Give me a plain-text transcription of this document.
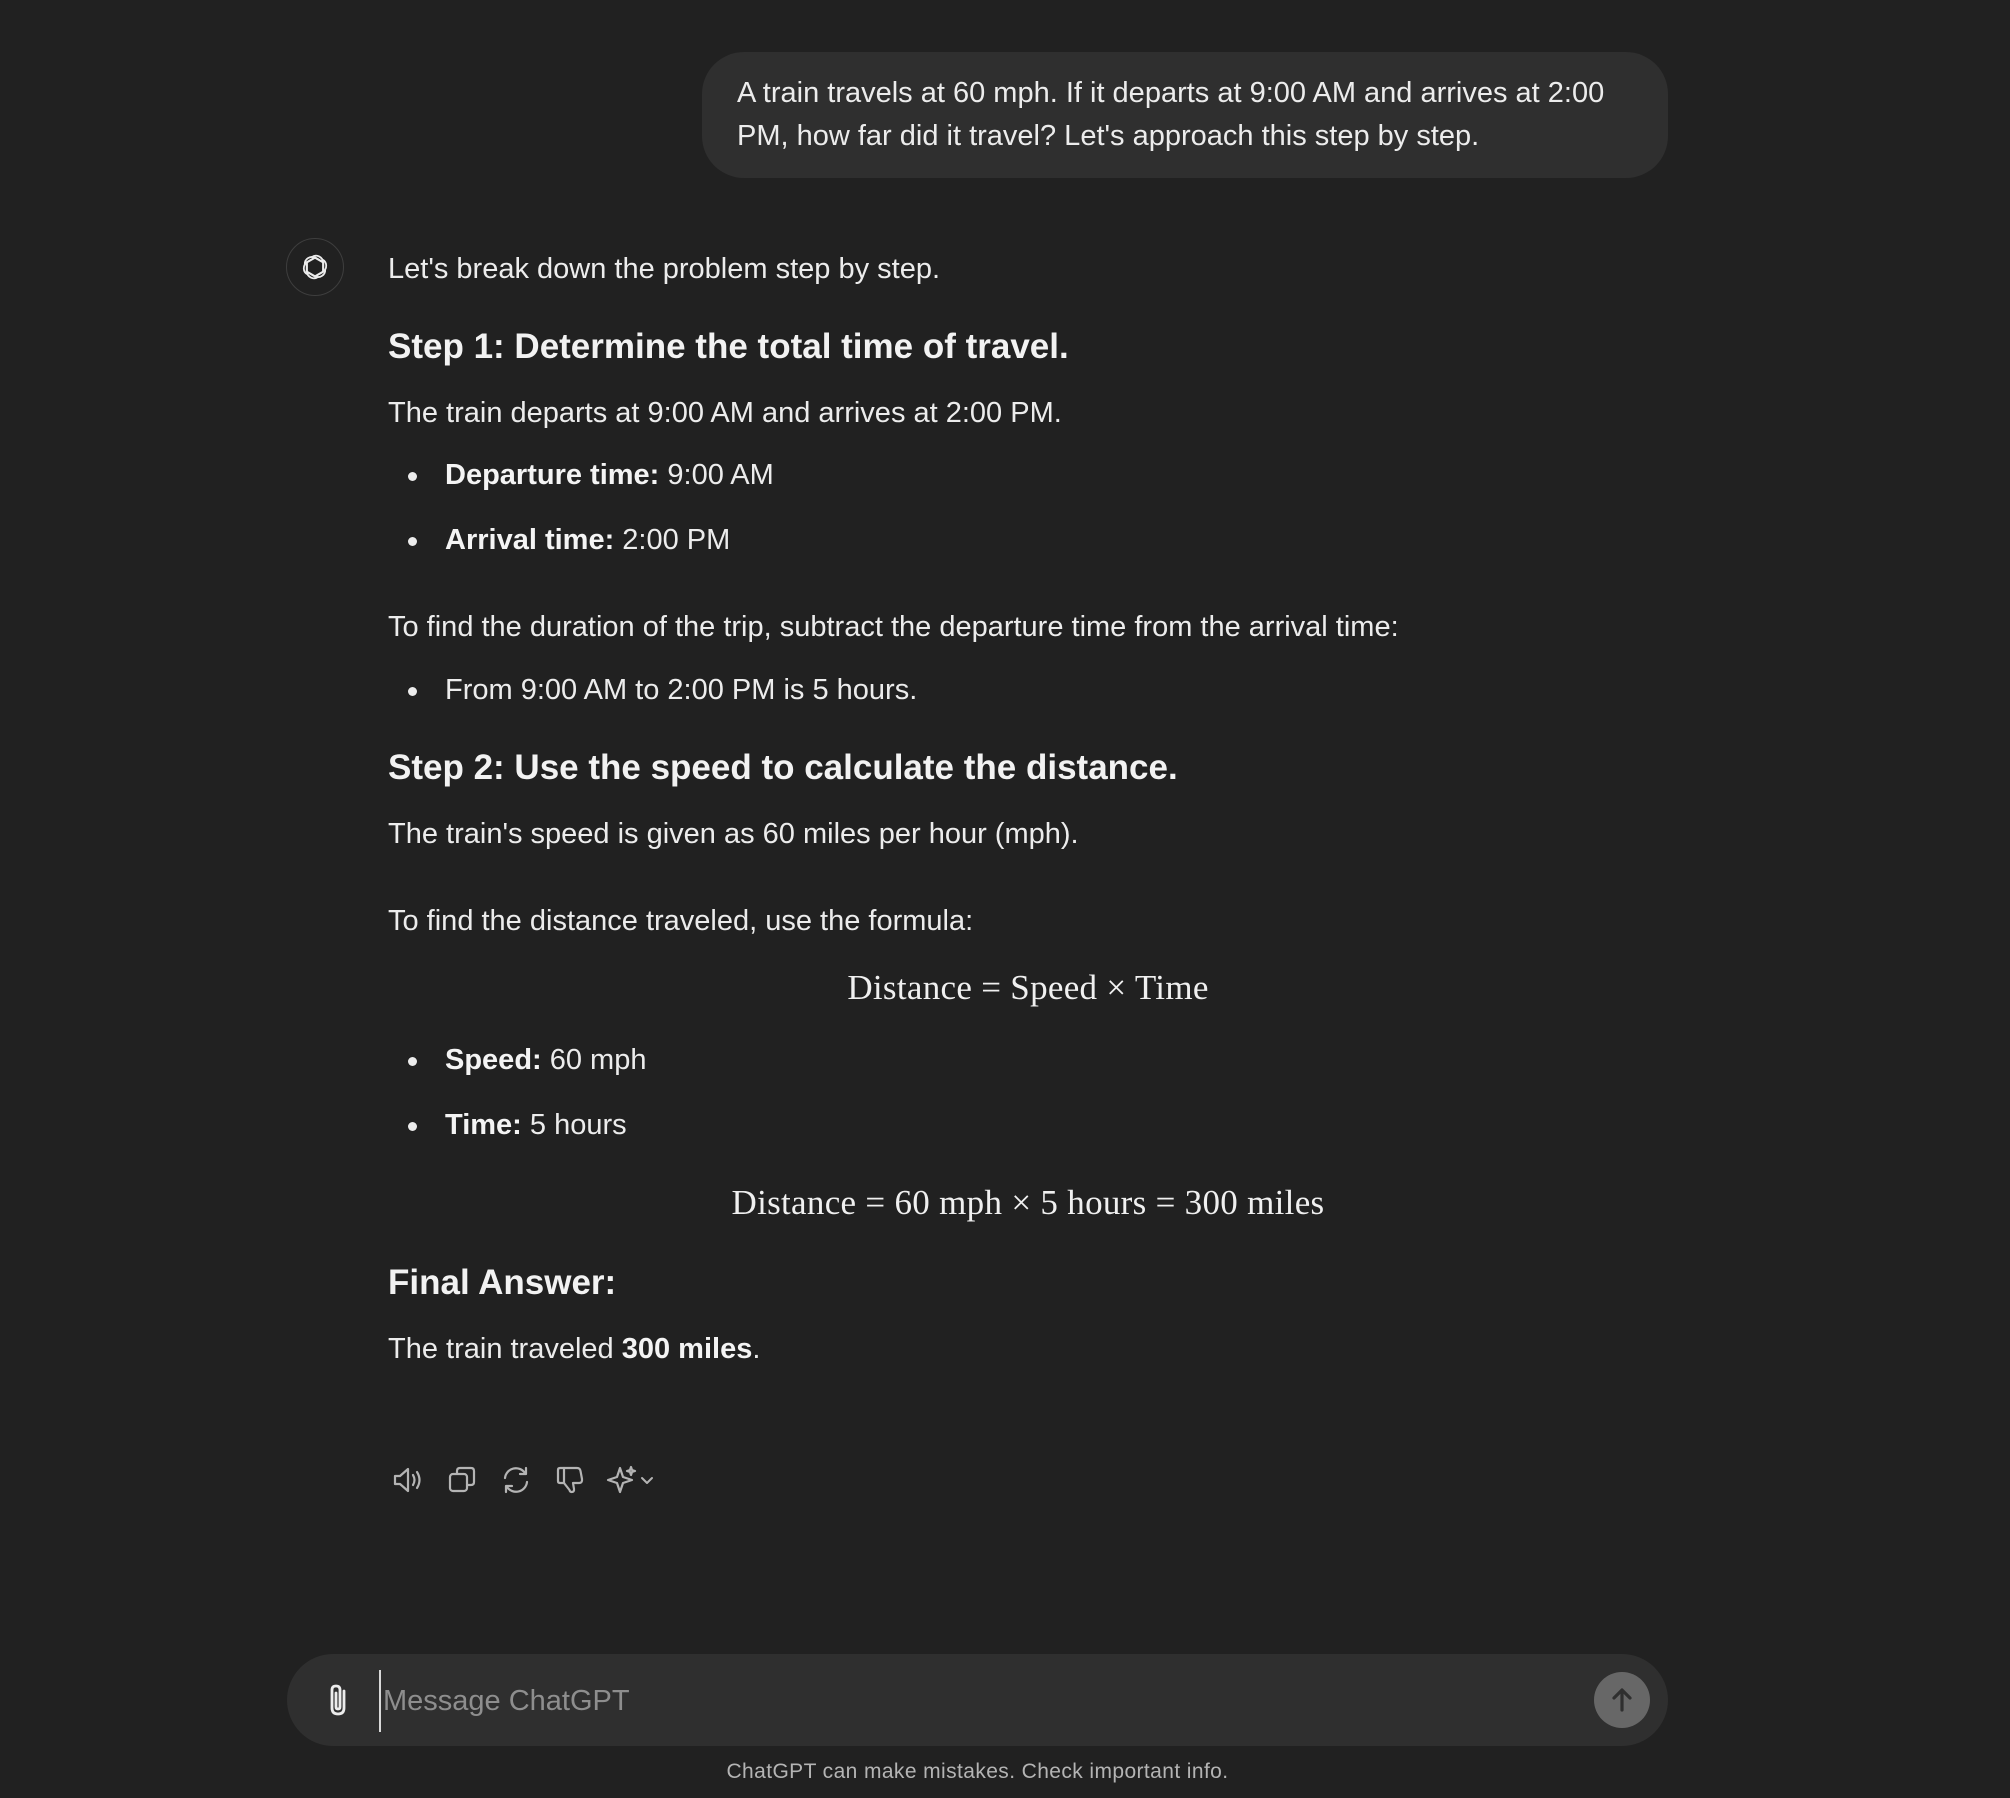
A train travels at 60 mph. If it departs at 9:00 AM and arrives at 2:00 PM, how far did it travel? Let's approach this step by step.

Let's break down the problem step by step.

Step 1: Determine the total time of travel.

The train departs at 9:00 AM and arrives at 2:00 PM.

Departure time: 9:00 AM
Arrival time: 2:00 PM

To find the duration of the trip, subtract the departure time from the arrival time:

From 9:00 AM to 2:00 PM is 5 hours.
Step 2: Use the speed to calculate the distance.

The train's speed is given as 60 miles per hour (mph).

To find the distance traveled, use the formula:

Distance = Speed × Time
Speed: 60 mph
Time: 5 hours
Distance = 60 mph × 5 hours = 300 miles
Final Answer:

The train traveled 300 miles.

Message ChatGPT
ChatGPT can make mistakes. Check important info.
